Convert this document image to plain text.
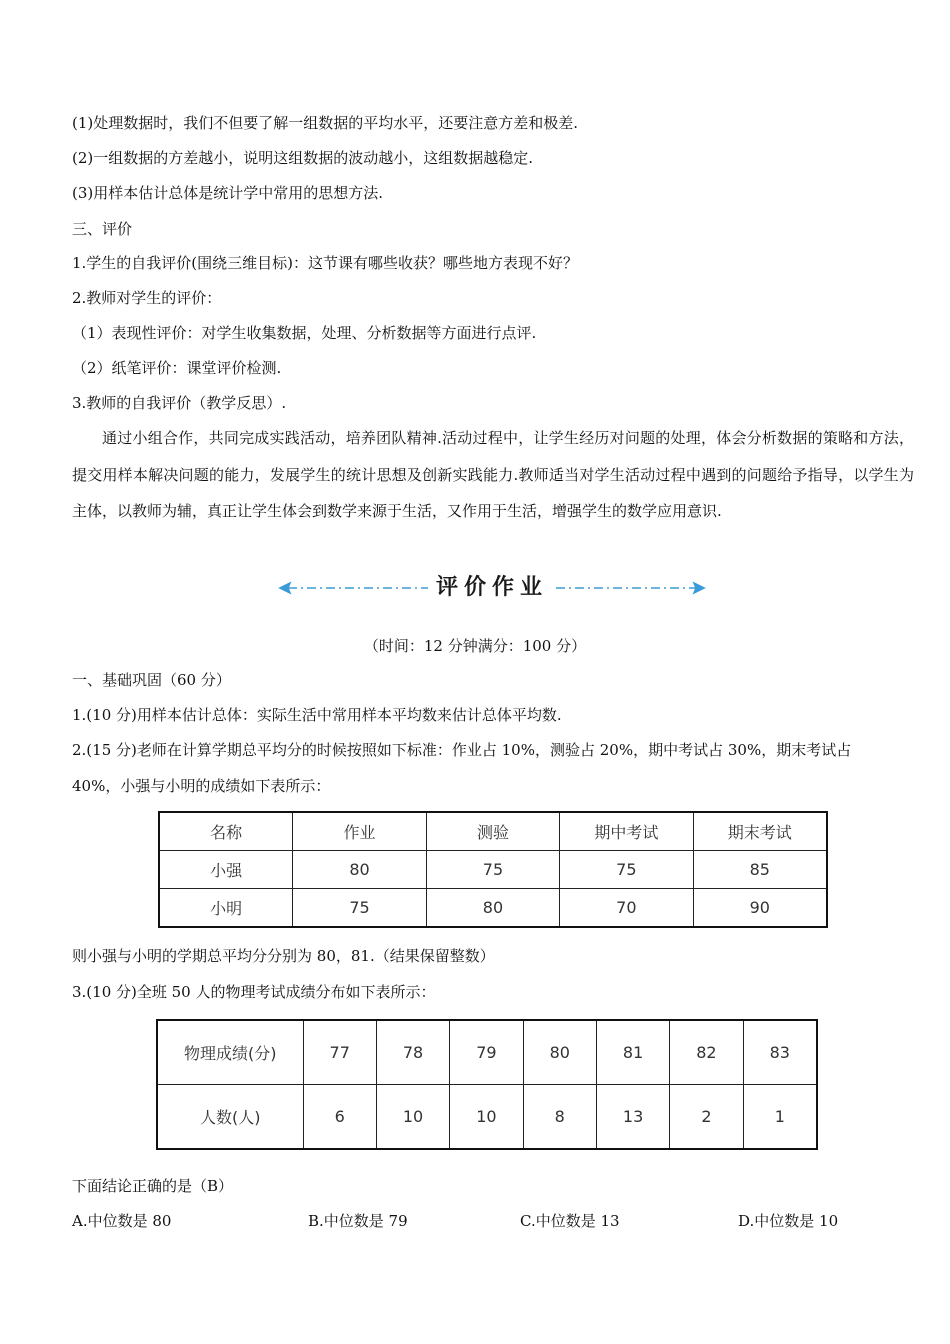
(1)处理数据时，我们不但要了解一组数据的平均水平，还要注意方差和极差.
(2)一组数据的方差越小，说明这组数据的波动越小，这组数据越稳定.
(3)用样本估计总体是统计学中常用的思想方法.
三、评价
1.学生的自我评价(围绕三维目标)：这节课有哪些收获？哪些地方表现不好？
2.教师对学生的评价：
（1）表现性评价：对学生收集数据，处理、分析数据等方面进行点评.
（2）纸笔评价：课堂评价检测.
3.教师的自我评价（教学反思）.
通过小组合作，共同完成实践活动，培养团队精神.活动过程中，让学生经历对问题的处理，体会分析数据的策略和方法，提交用样本解决问题的能力，发展学生的统计思想及创新实践能力.教师适当对学生活动过程中遇到的问题给予指导，以学生为主体，以教师为辅，真正让学生体会到数学来源于生活，又作用于生活，增强学生的数学应用意识.
评价作业
（时间：12 分钟满分：100 分）
一、基础巩固（60 分）
1.(10 分)用样本估计总体：实际生活中常用样本平均数来估计总体平均数.
2.(15 分)老师在计算学期总平均分的时候按照如下标准：作业占 10%，测验占 20%，期中考试占 30%，期末考试占
40%，小强与小明的成绩如下表所示：
名称	作业	测验	期中考试	期末考试
小强	80	75	75	85
小明	75	80	70	90
则小强与小明的学期总平均分分别为 80，81.（结果保留整数）
3.(10 分)全班 50 人的物理考试成绩分布如下表所示：
物理成绩(分)	77	78	79	80	81	82	83
人数(人)	6	10	10	8	13	2	1
下面结论正确的是（B）
A.中位数是 80	B.中位数是 79	C.中位数是 13	D.中位数是 10
